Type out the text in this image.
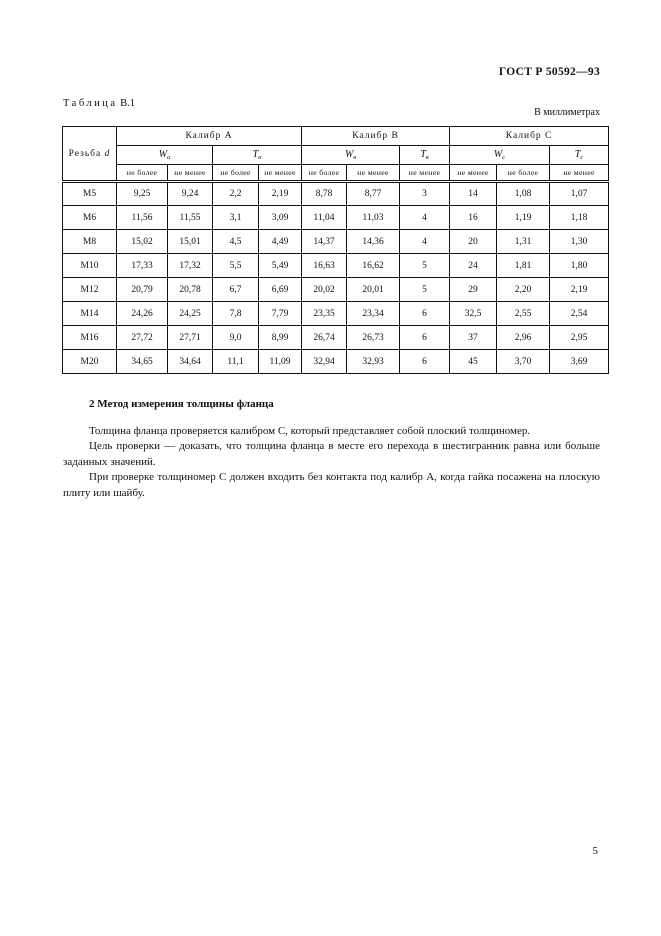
ГОСТ Р 50592—93
Таблица В.1
В миллиметрах
Резьба d	Калибр А				Калибр В			Калибр С		
	$W_а$		$T_а$		$W_в$		$T_в$	$W_с$		$T_с$
	не более	не менее	не более	не менее	не более	не менее	не менее	не менее	не более	не менее
М5	9,25	9,24	2,2	2,19	8,78	8,77	3	14	1,08	1,07
М6	11,56	11,55	3,1	3,09	11,04	11,03	4	16	1,19	1,18
М8	15,02	15,01	4,5	4,49	14,37	14,36	4	20	1,31	1,30
М10	17,33	17,32	5,5	5,49	16,63	16,62	5	24	1,81	1,80
М12	20,79	20,78	6,7	6,69	20,02	20,01	5	29	2,20	2,19
М14	24,26	24,25	7,8	7,79	23,35	23,34	6	32,5	2,55	2,54
М16	27,72	27,71	9,0	8,99	26,74	26,73	6	37	2,96	2,95
М20	34,65	34,64	11,1	11,09	32,94	32,93	6	45	3,70	3,69
2 Метод измерения толщины фланца

Толщина фланца проверяется калибром С, который представляет собой плоский толщиномер.

Цель проверки — доказать, что толщина фланца в месте его перехода в шестигранник равна или больше заданных значений.

При проверке толщиномер С должен входить без контакта под калибр А, когда гайка посажена на плоскую плиту или шайбу.

5
